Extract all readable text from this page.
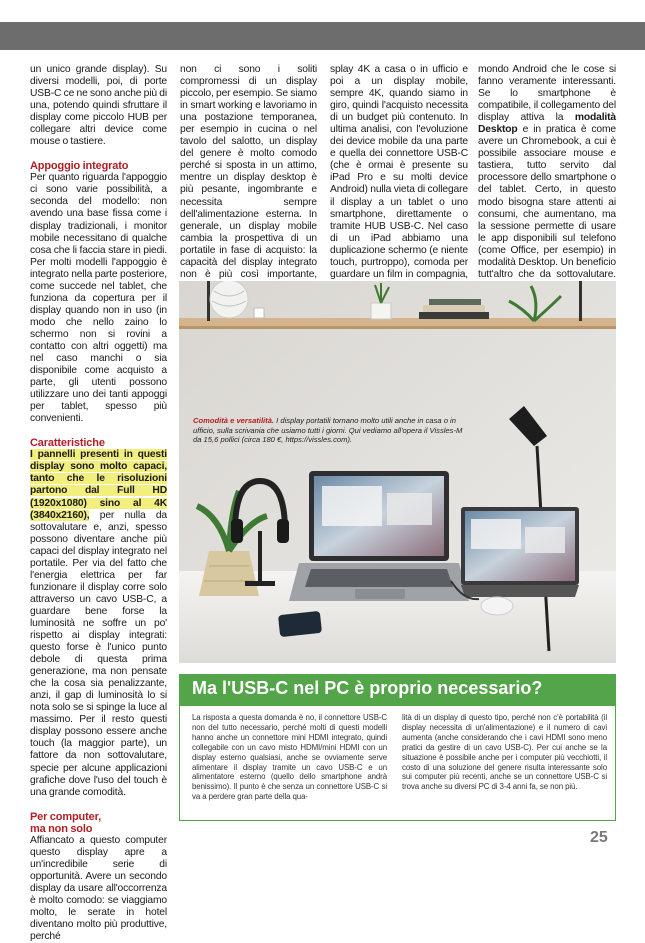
un unico grande display). Su diversi modelli, poi, di porte USB-C ce ne sono anche più di una, potendo quindi sfruttare il display come piccolo HUB per collegare altri device come mouse o tastiere.

Appoggio integrato

Per quanto riguarda l'appoggio ci sono varie possibilità, a seconda del modello: non avendo una base fissa come i display tradizionali, i monitor mobile necessitano di qualche cosa che li faccia stare in piedi. Per molti modelli l'appoggio è integrato nella parte posteriore, come succede nel tablet, che funziona da copertura per il display quando non in uso (in modo che nello zaino lo schermo non si rovini a contatto con altri oggetti) ma nel caso manchi o sia disponibile come acquisto a parte, gli utenti possono utilizzare uno dei tanti appoggi per tablet, spesso più convenienti.

Caratteristiche

I pannelli presenti in questi display sono molto capaci, tanto che le risoluzioni partono dal Full HD (1920x1080) sino al 4K (3840x2160), per nulla da sottovalutare e, anzi, spesso possono diventare anche più capaci del display integrato nel portatile. Per via del fatto che l'energia elettrica per far funzionare il display corre solo attraverso un cavo USB-C, a guardare bene forse la luminosità ne soffre un po' rispetto ai display integrati: questo forse è l'unico punto debole di questa prima generazione, ma non pensate che la cosa sia penalizzante, anzi, il gap di luminosità lo si nota solo se si spinge la luce al massimo. Per il resto questi display possono essere anche touch (la maggior parte), un fattore da non sottovalutare, specie per alcune applicazioni grafiche dove l'uso del touch è una grande comodità.

Per computer,
ma non solo

Affiancato a questo computer questo display apre a un'incredibile serie di opportunità. Avere un secondo display da usare all'occorrenza è molto comodo: se viaggiamo molto, le serate in hotel diventano molto più produttive, perché

non ci sono i soliti compromessi di un display piccolo, per esempio. Se siamo in smart working e lavoriamo in una postazione temporanea, per esempio in cucina o nel tavolo del salotto, un display del genere è molto comodo perché si sposta in un attimo, mentre un display desktop è più pesante, ingombrante e necessita sempre dell'alimentazione esterna. In generale, un display mobile cambia la prospettiva di un portatile in fase di acquisto: la capacità del display integrato non è più così importante,

splay 4K a casa o in ufficio e poi a un display mobile, sempre 4K, quando siamo in giro, quindi l'acquisto necessita di un budget più contenuto. In ultima analisi, con l'evoluzione dei device mobile da una parte e quella dei connettore USB-C (che è ormai è presente su iPad Pro e su molti device Android) nulla vieta di collegare il display a un tablet o uno smartphone, direttamente o tramite HUB USB-C. Nel caso di un iPad abbiamo una duplicazione schermo (e niente touch, purtroppo), comoda per guardare un film in compagnia,

mondo Android che le cose si fanno veramente interessanti. Se lo smartphone è compatibile, il collegamento del display attiva la modalità Desktop e in pratica è come avere un Chromebook, a cui è possibile associare mouse e tastiera, tutto servito dal processore dello smartphone o del tablet. Certo, in questo modo bisogna stare attenti ai consumi, che aumentano, ma la sessione permette di usare le app disponibili sul telefono (come Office, per esempio) in modalità Desktop. Un beneficio tutt'altro che da sottovalutare.

Comodità e versatilità. I display portatili tornano molto utili anche in casa o in ufficio, sulla scrivania che usiamo tutti i giorni. Qui vediamo all'opera il Vissles-M da 15,6 pollici (circa 180 €, https://vissles.com).
Ma l'USB-C nel PC è proprio necessario?
La risposta a questa domanda è no, il connettore USB-C non del tutto necessario, perché molti di questi modelli hanno anche un connettore mini HDMI integrato, quindi collegabile con un cavo misto HDMI/mini HDMI con un display esterno qualsiasi, anche se ovviamente serve alimentare il display tramite un cavo USB-C e un alimentatore esterno (quello dello smartphone andrà benissimo). Il punto è che senza un connettore USB-C si va a perdere gran parte della qua-
lità di un display di questo tipo, perché non c'è portabilità (il display necessita di un'alimentazione) e il numero di cavi aumenta (anche considerando che i cavi HDMI sono meno pratici da gestire di un cavo USB-C). Per cui anche se la situazione è possibile anche per i computer più vecchiotti, il costo di una soluzione del genere risulta interessante solo sui computer più recenti, anche se un connettore USB-C si trova anche su diversi PC di 3-4 anni fa, se non più.
25
